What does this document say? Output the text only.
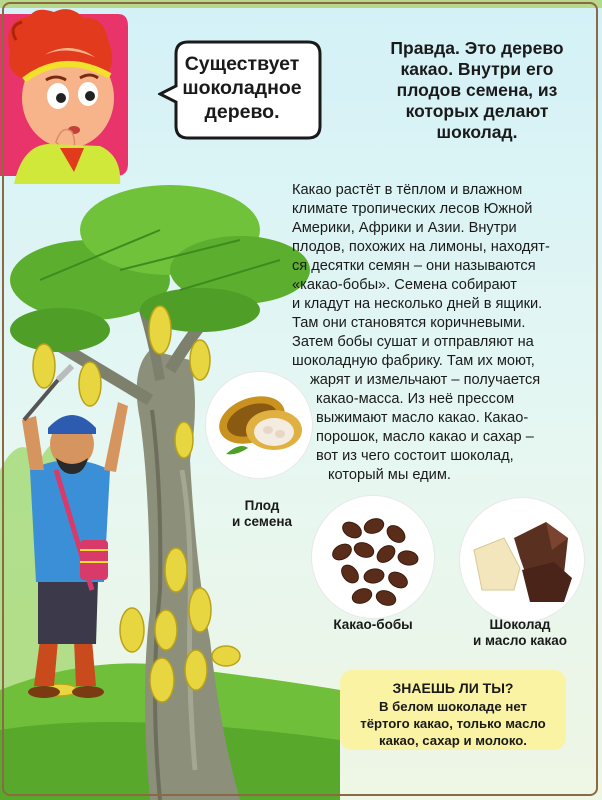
Существует
шоколадное
дерево.
Правда. Это дерево
какао. Внутри его
плодов семена, из
которых делают
шоколад.
Какао растёт в тёплом и влажном
климате тропических лесов Южной
Америки, Африки и Азии. Внутри
плодов, похожих на лимоны, находят-
ся десятки семян – они называются
«какао-бобы». Семена собирают
и кладут на несколько дней в ящики.
Там они становятся коричневыми.
Затем бобы сушат и отправляют на
шоколадную фабрику. Там их моют,
жарят и измельчают – получается
какао-масса. Из неё прессом
выжимают масло какао. Какао-
порошок, масло какао и сахар –
вот из чего состоит шоколад,
который мы едим.
Плод
и семена
Какао-бобы	Шоколад
и масло какао
ЗНАЕШЬ ЛИ ТЫ?
В белом шоколаде нет
тёртого какао, только масло
какао, сахар и молоко.
